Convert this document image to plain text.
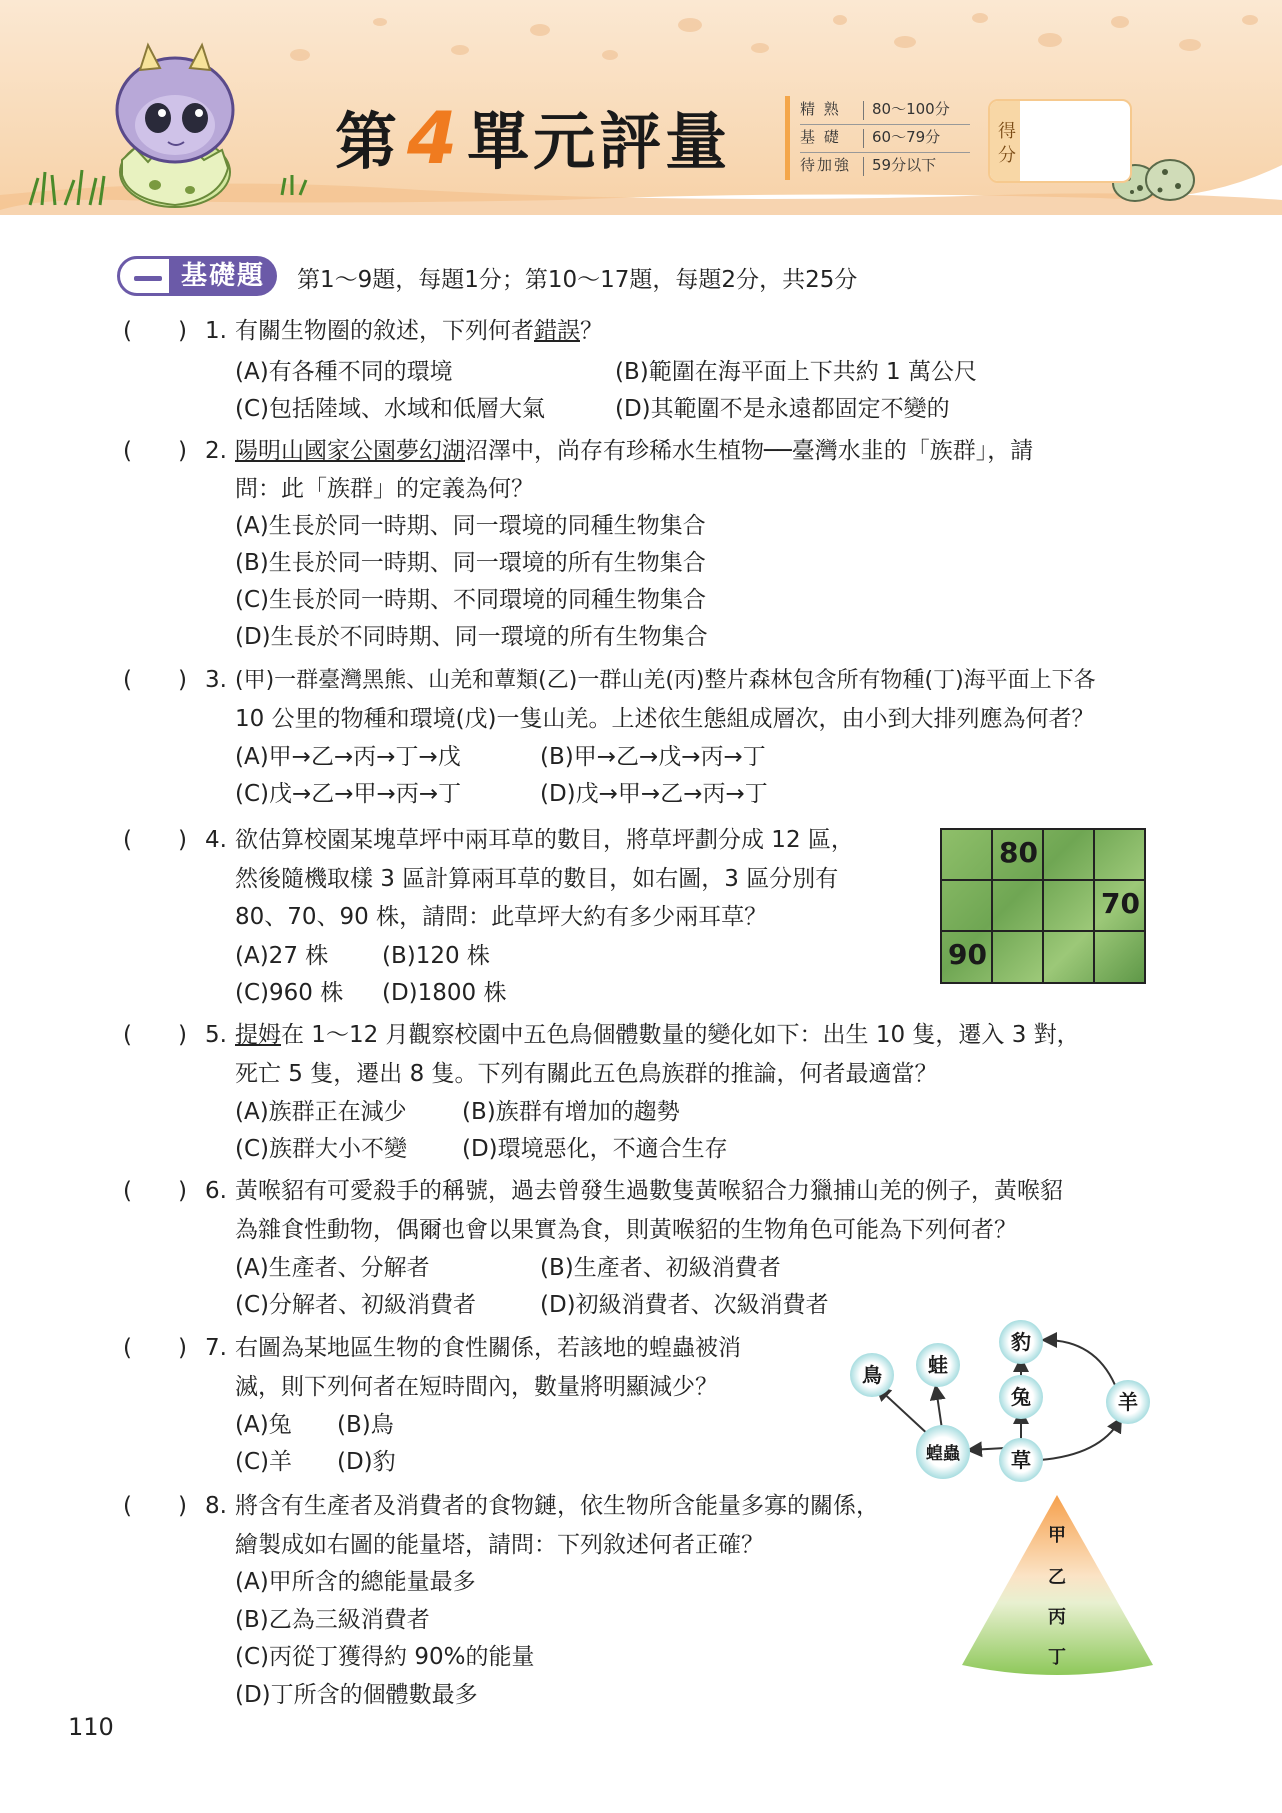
第4單元評量	精 熟	80～100分
基 礎	60～79分
待加強	59分以下	得分
基礎題	第1～9題，每題1分；第10～17題，每題2分，共25分
( ) 1. 有關生物圈的敘述，下列何者錯誤？
(A)有各種不同的環境	(B)範圍在海平面上下共約 1 萬公尺
(C)包括陸域、水域和低層大氣	(D)其範圍不是永遠都固定不變的
( ) 2. 陽明山國家公園夢幻湖沼澤中，尚存有珍稀水生植物──臺灣水韭的「族群」，請
問：此「族群」的定義為何？
(A)生長於同一時期、同一環境的同種生物集合
(B)生長於同一時期、同一環境的所有生物集合
(C)生長於同一時期、不同環境的同種生物集合
(D)生長於不同時期、同一環境的所有生物集合
( ) 3. (甲)一群臺灣黑熊、山羌和蕈類(乙)一群山羌(丙)整片森林包含所有物種(丁)海平面上下各
10 公里的物種和環境(戊)一隻山羌。上述依生態組成層次，由小到大排列應為何者？
(A)甲→乙→丙→丁→戊	(B)甲→乙→戊→丙→丁
(C)戊→乙→甲→丙→丁	(D)戊→甲→乙→丙→丁
( ) 4. 欲估算校園某塊草坪中兩耳草的數目，將草坪劃分成 12 區，
然後隨機取樣 3 區計算兩耳草的數目，如右圖，3 區分別有
80、70、90 株，請問：此草坪大約有多少兩耳草？
(A)27 株 (B)120 株
(C)960 株 (D)1800 株
80
70
90
( ) 5. 提姆在 1～12 月觀察校園中五色鳥個體數量的變化如下：出生 10 隻，遷入 3 對，
死亡 5 隻，遷出 8 隻。下列有關此五色鳥族群的推論，何者最適當？
(A)族群正在減少 (B)族群有增加的趨勢
(C)族群大小不變 (D)環境惡化，不適合生存
( ) 6. 黃喉貂有可愛殺手的稱號，過去曾發生過數隻黃喉貂合力獵捕山羌的例子，黃喉貂
為雜食性動物，偶爾也會以果實為食，則黃喉貂的生物角色可能為下列何者？
(A)生產者、分解者	(B)生產者、初級消費者
(C)分解者、初級消費者	(D)初級消費者、次級消費者
( ) 7. 右圖為某地區生物的食性關係，若該地的蝗蟲被消
滅，則下列何者在短時間內，數量將明顯減少？
(A)兔 (B)鳥
(C)羊 (D)豹
豹
蛙
鳥
兔	羊
蝗蟲	草
( ) 8. 將含有生產者及消費者的食物鏈，依生物所含能量多寡的關係，
繪製成如右圖的能量塔，請問：下列敘述何者正確？
(A)甲所含的總能量最多
(B)乙為三級消費者
(C)丙從丁獲得約 90%的能量
(D)丁所含的個體數最多
甲
乙
丙
丁
110
